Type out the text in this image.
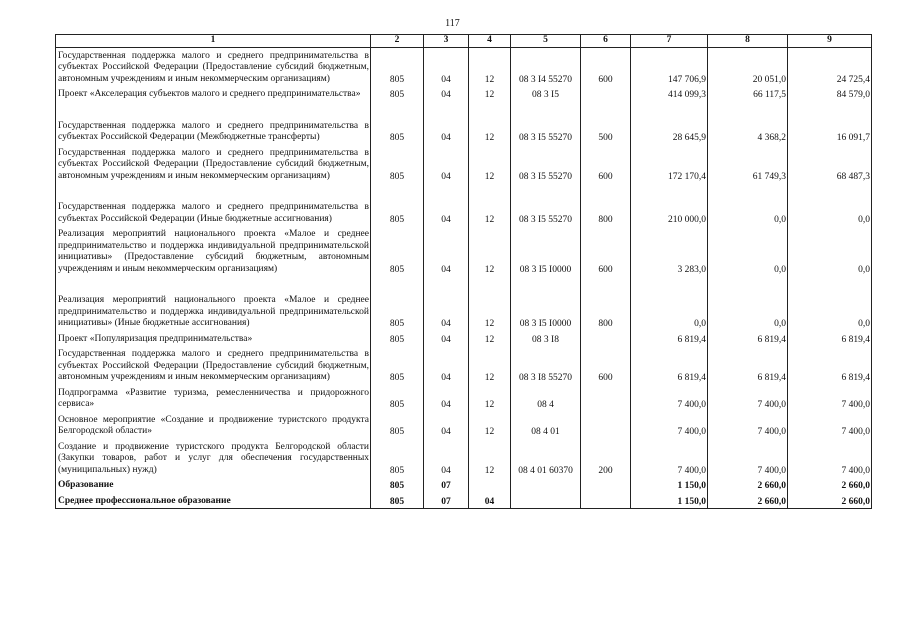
117
1	2	3	4	5	6	7	8	9
Государственная поддержка малого и среднего предпринимательства в субъектах Российской Федерации (Предоставление субсидий бюджетным, автономным учреждениям и иным некоммерческим организациям)	805	04	12	08 3 I4 55270	600	147 706,9	20 051,0	24 725,4
Проект «Акселерация субъектов малого и среднего предпринимательства»	805	04	12	08 3 I5		414 099,3	66 117,5	84 579,0
Государственная поддержка малого и среднего предпринимательства в субъектах Российской Федерации (Межбюджетные трансферты)	805	04	12	08 3 I5 55270	500	28 645,9	4 368,2	16 091,7
Государственная поддержка малого и среднего предпринимательства в субъектах Российской Федерации (Предоставление субсидий бюджетным, автономным учреждениям и иным некоммерческим организациям)	805	04	12	08 3 I5 55270	600	172 170,4	61 749,3	68 487,3
Государственная поддержка малого и среднего предпринимательства в субъектах Российской Федерации (Иные бюджетные ассигнования)	805	04	12	08 3 I5 55270	800	210 000,0	0,0	0,0
Реализация мероприятий национального проекта «Малое и среднее предпринимательство и поддержка индивидуальной предпринимательской инициативы» (Предоставление субсидий бюджетным, автономным учреждениям и иным некоммерческим организациям)	805	04	12	08 3 I5 I0000	600	3 283,0	0,0	0,0
Реализация мероприятий национального проекта «Малое и среднее предпринимательство и поддержка индивидуальной предпринимательской инициативы» (Иные бюджетные ассигнования)	805	04	12	08 3 I5 I0000	800	0,0	0,0	0,0
Проект «Популяризация предпринимательства»	805	04	12	08 3 I8		6 819,4	6 819,4	6 819,4
Государственная поддержка малого и среднего предпринимательства в субъектах Российской Федерации (Предоставление субсидий бюджетным, автономным учреждениям и иным некоммерческим организациям)	805	04	12	08 3 I8 55270	600	6 819,4	6 819,4	6 819,4
Подпрограмма «Развитие туризма, ремесленничества и придорожного сервиса»	805	04	12	08 4		7 400,0	7 400,0	7 400,0
Основное мероприятие «Создание и продвижение туристского продукта Белгородской области»	805	04	12	08 4 01		7 400,0	7 400,0	7 400,0
Создание и продвижение туристского продукта Белгородской области (Закупки товаров, работ и услуг для обеспечения государственных (муниципальных) нужд)	805	04	12	08 4 01 60370	200	7 400,0	7 400,0	7 400,0
Образование	805	07				1 150,0	2 660,0	2 660,0
Среднее профессиональное образование	805	07	04			1 150,0	2 660,0	2 660,0
